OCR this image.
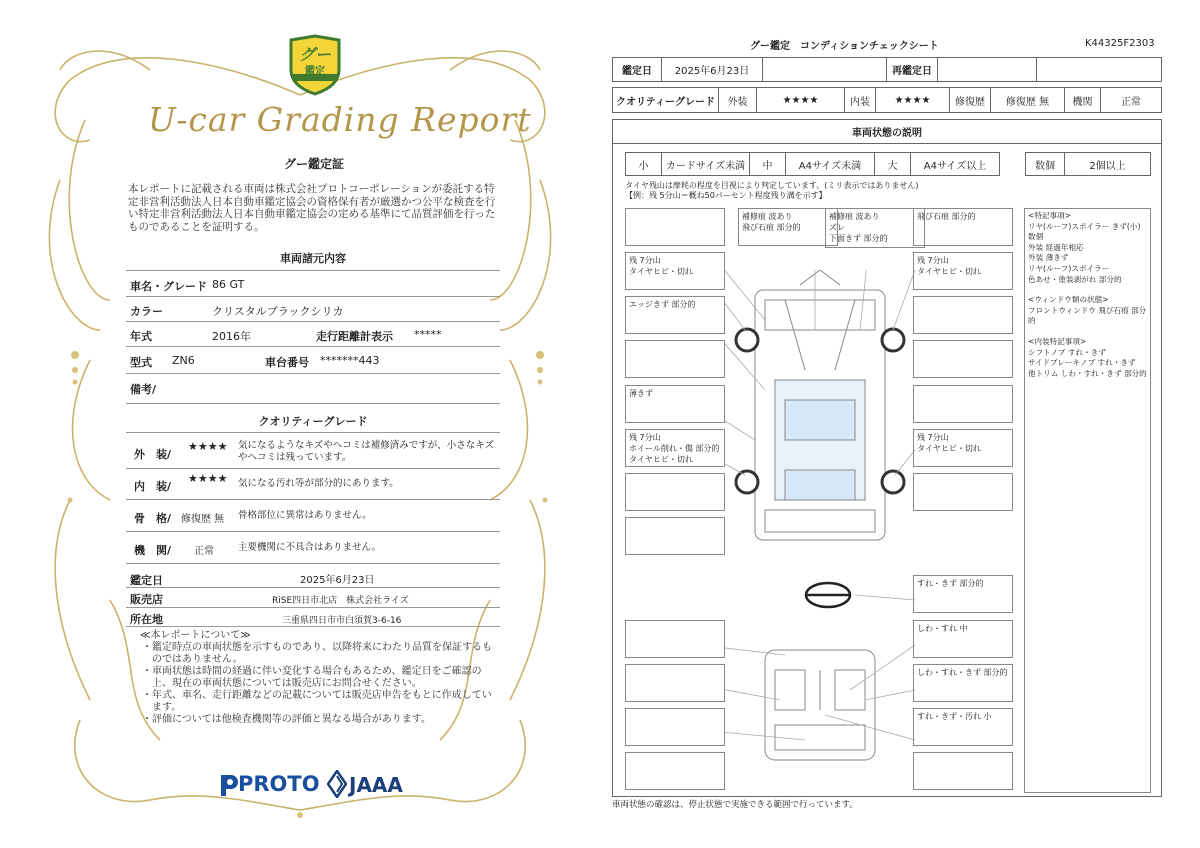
グー
鑑定
U-car Grading Report
グー鑑定証
本レポートに記載される車両は株式会社プロトコーポレーションが委託する特定非営利活動法人日本自動車鑑定協会の資格保有者が厳選かつ公平な検査を行い特定非営利活動法人日本自動車鑑定協会の定める基準にて品質評価を行ったものであることを証明する。
車両諸元内容
車名・グレード 86 GT
カラー	クリスタルブラックシリカ
年式	2016年	走行距離計表示 *****
型式 ZN6	車台番号 *******443
備考/
クオリティーグレード
外　装/
★★★★ 気になるようなキズやヘコミは補修済みですが、小さなキズやヘコミは残っています。
内　装/
★★★★ 気になる汚れ等が部分的にあります。
骨　格/ 修復歴 無 骨格部位に異常はありません。
機　関/ 正常	主要機関に不具合はありません。
鑑定日	2025年6月23日
販売店	RiSE四日市北店　株式会社ライズ
所在地	三重県四日市市白須賀3-6-16
≪本レポートについて≫
・鑑定時点の車両状態を示すものであり、以降将来にわたり品質を保証するものではありません。
・車両状態は時間の経過に伴い変化する場合もあるため、鑑定日をご確認の上、現在の車両状態については販売店にお問合せください。
・年式、車名、走行距離などの記載については販売店申告をもとに作成しています。
・評価については他検査機関等の評価と異なる場合があります。
PROTO JAAA
グー鑑定　コンディションチェックシート	K44325F2303
鑑定日	2025年6月23日	再鑑定日
クオリティーグレード	外装	★★★★	内装	★★★★	修復歴	修復歴 無	機関	正常
車両状態の説明
小	カードサイズ未満	中	A4サイズ未満	大	A4サイズ以上	数個	2個以上
タイヤ残山は摩耗の程度を目視により判定しています。(ミリ表示ではありません)
【例：残 5分山＝概ね50パーセント程度残り溝を示す】
<特記事項>
リヤ(ルーフ)スポイラー きず(小) 数個
外装 経過年相応
外装 薄きず
リヤ(ルーフ)スポイラー
色あせ・塗装剥がれ 部分的
<ウィンドウ類の状態>
フロントウィンドウ 飛び石痕 部分的
<内装特記事項>
シフトノブ すれ・きず
サイドブレーキノブ すれ・きず
他トリム しわ・すれ・きず 部分的
補修痕 波あり
飛び石痕 部分的
補修痕 波あり
ズレ
下面きず 部分的
飛び石痕 部分的
残 7分山
タイヤヒビ・切れ
エッジきず 部分的
薄きず
残 7分山
ホイール削れ・傷 部分的
タイヤヒビ・切れ
残 7分山
タイヤヒビ・切れ
残 7分山
タイヤヒビ・切れ
すれ・きず 部分的
しわ・すれ 中
しわ・すれ・きず 部分的
すれ・きず・汚れ 小
車両状態の確認は、停止状態で実施できる範囲で行っています。
